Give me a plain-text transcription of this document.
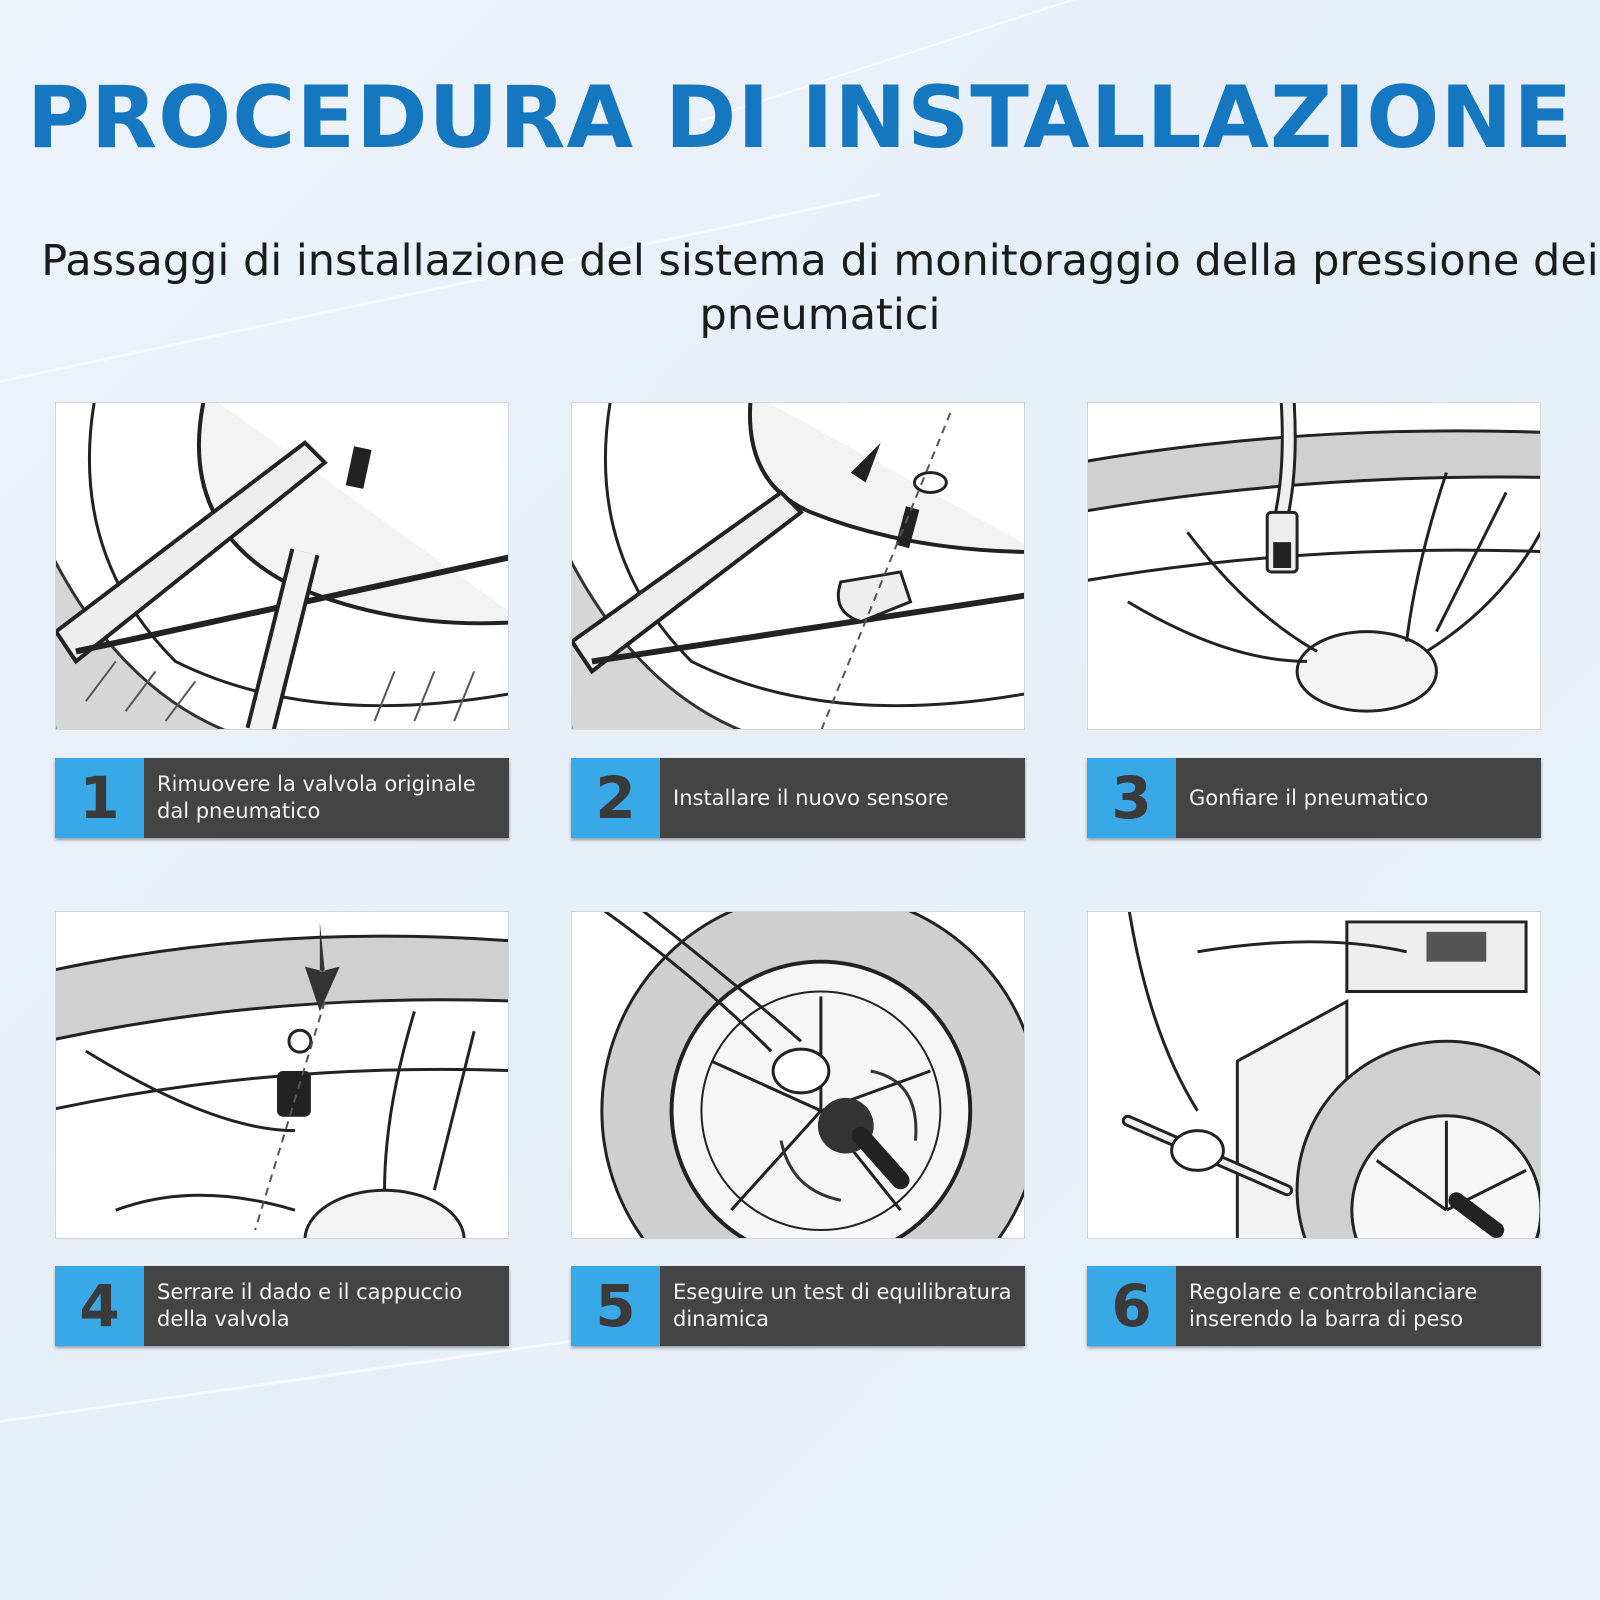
PROCEDURA DI INSTALLAZIONE
Passaggi di installazione del sistema di monitoraggio della pressione dei pneumatici
1	Rimuovere la valvola originale dal pneumatico	2	Installare il nuovo sensore	3	Gonfiare il pneumatico
4	Serrare il dado e il cappuccio della valvola	5	Eseguire un test di equilibratura dinamica	6	Regolare e controbilanciare inserendo la barra di peso
